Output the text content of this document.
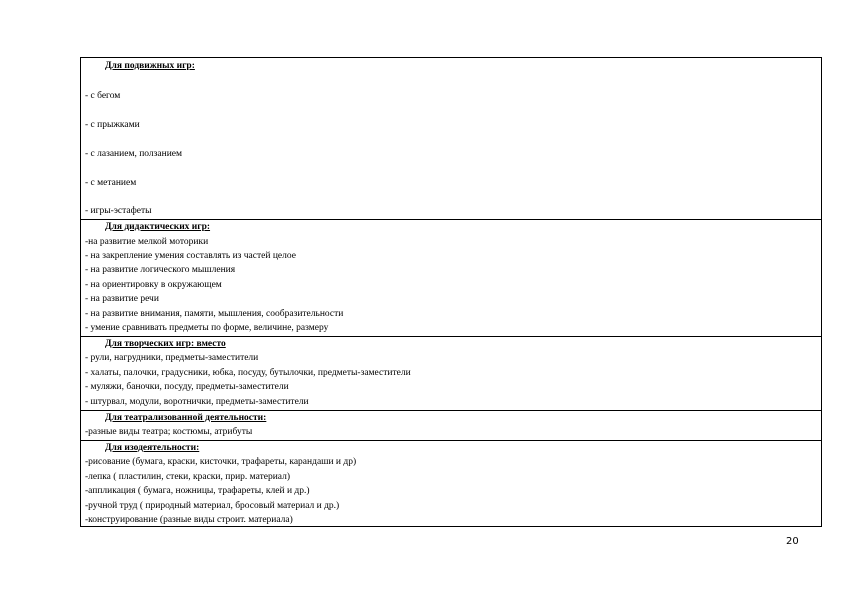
Для подвижных игр:
- с бегом
- с прыжками
- с лазанием, ползанием
- с метанием
- игры-эстафеты
Для дидактических игр:
-на развитие мелкой моторики
- на закрепление умения составлять из частей целое
- на развитие логического мышления
- на ориентировку в окружающем
- на развитие речи
- на развитие внимания, памяти, мышления, сообразительности
- умение сравнивать предметы по форме, величине, размеру
Для творческих игр: вместо
- рули, нагрудники, предметы-заместители
- халаты, палочки, градусники, юбка, посуду, бутылочки, предметы-заместители
- муляжи, баночки, посуду, предметы-заместители
- штурвал, модули, воротнички, предметы-заместители
Для театрализованной деятельности:
-разные виды театра; костюмы, атрибуты
Для изодеятельности:
-рисование (бумага, краски, кисточки, трафареты, карандаши и др)
-лепка ( пластилин, стеки, краски, прир. материал)
-аппликация ( бумага, ножницы, трафареты, клей и др.)
-ручной труд ( природный материал, бросовый материал и др.)
-конструирование (разные виды строит. материала)
20
